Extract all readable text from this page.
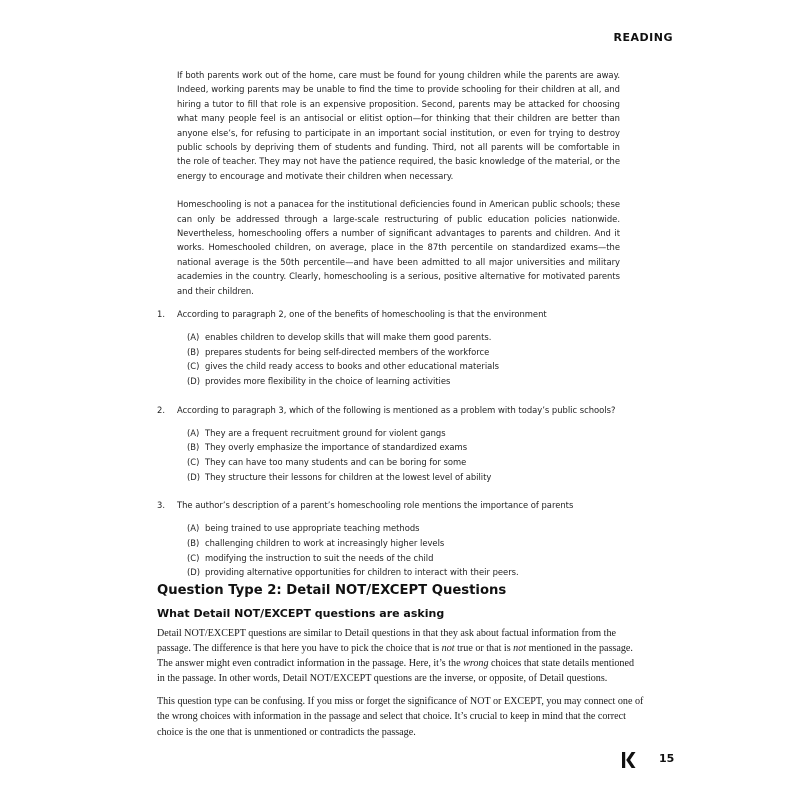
READING

If both parents work out of the home, care must be found for young children while the parents are away. Indeed, working parents may be unable to find the time to provide schooling for their children at all, and hiring a tutor to fill that role is an expensive proposition. Second, parents may be attacked for choosing what many people feel is an antisocial or elitist option—for thinking that their children are better than anyone else’s, for refusing to participate in an important social institution, or even for trying to destroy public schools by depriving them of students and funding. Third, not all parents will be comfortable in the role of teacher. They may not have the patience required, the basic knowledge of the material, or the energy to encourage and motivate their children when necessary.

Homeschooling is not a panacea for the institutional deficiencies found in American public schools; these can only be addressed through a large-scale restructuring of public education policies nationwide. Nevertheless, homeschooling offers a number of significant advantages to parents and children. And it works. Homeschooled children, on average, place in the 87th percentile on standardized exams—the national average is the 50th percentile—and have been admitted to all major universities and military academies in the country. Clearly, homeschooling is a serious, positive alternative for motivated parents and their children.

1.	According to paragraph 2, one of the benefits of homeschooling is that the environment
(A) enables children to develop skills that will make them good parents.
(B) prepares students for being self-directed members of the workforce
(C) gives the child ready access to books and other educational materials
(D) provides more flexibility in the choice of learning activities
2.	According to paragraph 3, which of the following is mentioned as a problem with today’s public schools?
(A) They are a frequent recruitment ground for violent gangs
(B) They overly emphasize the importance of standardized exams
(C) They can have too many students and can be boring for some
(D) They structure their lessons for children at the lowest level of ability
3.	The author’s description of a parent’s homeschooling role mentions the importance of parents
(A) being trained to use appropriate teaching methods
(B) challenging children to work at increasingly higher levels
(C) modifying the instruction to suit the needs of the child
(D) providing alternative opportunities for children to interact with their peers.
Question Type 2: Detail NOT/EXCEPT Questions
What Detail NOT/EXCEPT questions are asking

Detail NOT/EXCEPT questions are similar to Detail questions in that they ask about factual information from the passage. The difference is that here you have to pick the choice that is not true or that is not mentioned in the passage. The answer might even contradict information in the passage. Here, it’s the wrong choices that state details mentioned in the passage. In other words, Detail NOT/EXCEPT questions are the inverse, or opposite, of Detail questions.

This question type can be confusing. If you miss or forget the significance of NOT or EXCEPT, you may connect one of the wrong choices with information in the passage and select that choice. It’s crucial to keep in mind that the correct choice is the one that is unmentioned or contradicts the passage.

15
